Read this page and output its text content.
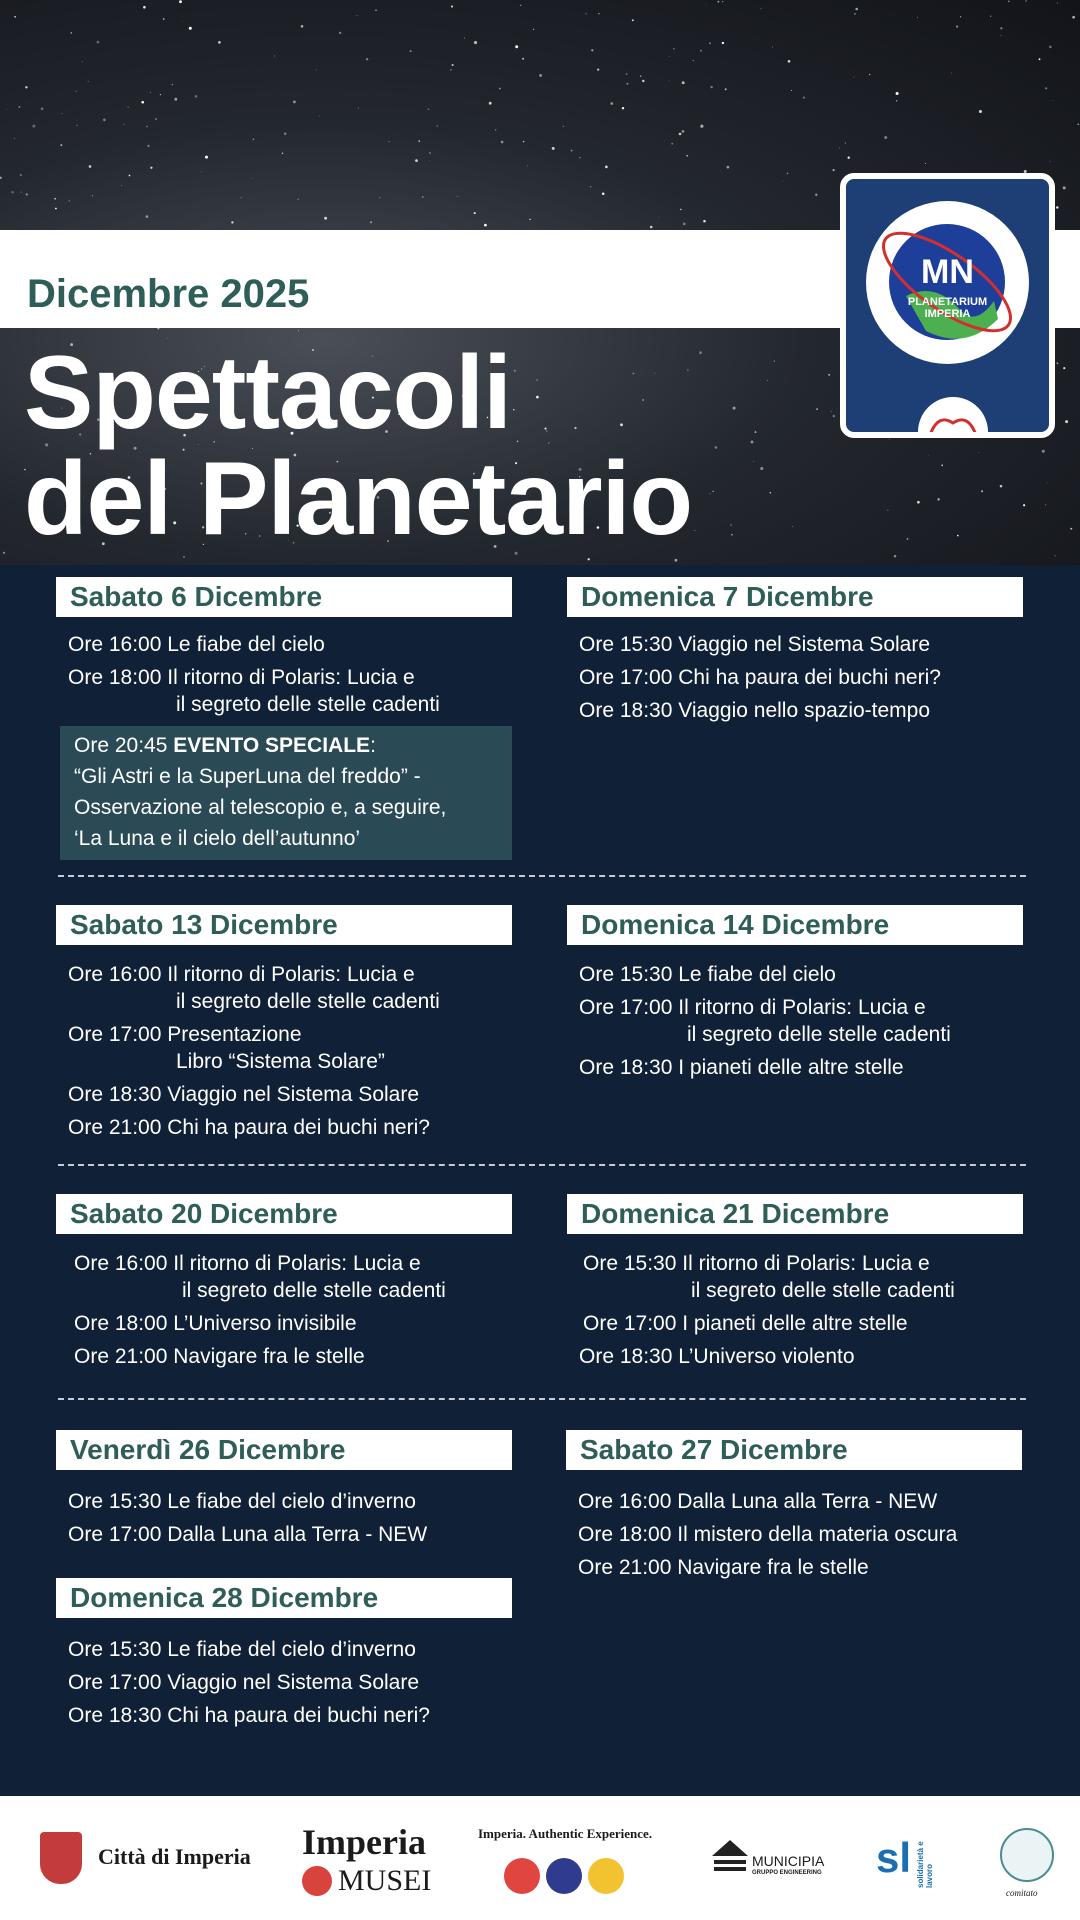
Dicembre 2025
Spettacoli
del Planetario
MN
PLANETARIUM
IMPERIA
Sabato 6 Dicembre
Ore 16:00 Le fiabe del cielo
Ore 18:00 Il ritorno di Polaris: Lucia e
il segreto delle stelle cadenti
Ore 20:45 EVENTO SPECIALE:
“Gli Astri e la SuperLuna del freddo” -
Osservazione al telescopio e, a seguire,
‘La Luna e il cielo dell’autunno’
Domenica 7 Dicembre
Ore 15:30 Viaggio nel Sistema Solare
Ore 17:00 Chi ha paura dei buchi neri?
Ore 18:30 Viaggio nello spazio-tempo
Sabato 13 Dicembre
Ore 16:00 Il ritorno di Polaris: Lucia e
il segreto delle stelle cadenti
Ore 17:00 Presentazione
Libro “Sistema Solare”
Ore 18:30 Viaggio nel Sistema Solare
Ore 21:00 Chi ha paura dei buchi neri?
Domenica 14 Dicembre
Ore 15:30 Le fiabe del cielo
Ore 17:00 Il ritorno di Polaris: Lucia e
il segreto delle stelle cadenti
Ore 18:30 I pianeti delle altre stelle
Sabato 20 Dicembre
Ore 16:00 Il ritorno di Polaris: Lucia e
il segreto delle stelle cadenti
Ore 18:00 L’Universo invisibile
Ore 21:00 Navigare fra le stelle
Domenica 21 Dicembre
Ore 15:30 Il ritorno di Polaris: Lucia e
il segreto delle stelle cadenti
Ore 17:00 I pianeti delle altre stelle
Ore 18:30 L’Universo violento
Venerdì 26 Dicembre
Ore 15:30 Le fiabe del cielo d’inverno
Ore 17:00 Dalla Luna alla Terra - NEW
Sabato 27 Dicembre
Ore 16:00 Dalla Luna alla Terra - NEW
Ore 18:00 Il mistero della materia oscura
Ore 21:00 Navigare fra le stelle
Domenica 28 Dicembre
Ore 15:30 Le fiabe del cielo d’inverno
Ore 17:00 Viaggio nel Sistema Solare
Ore 18:30 Chi ha paura dei buchi neri?
Città di Imperia Imperia
MUSEI
Imperia. Authentic Experience.
MUNICIPIA
GRUPPO ENGINEERING sl solidarietà e lavoro
comitato
